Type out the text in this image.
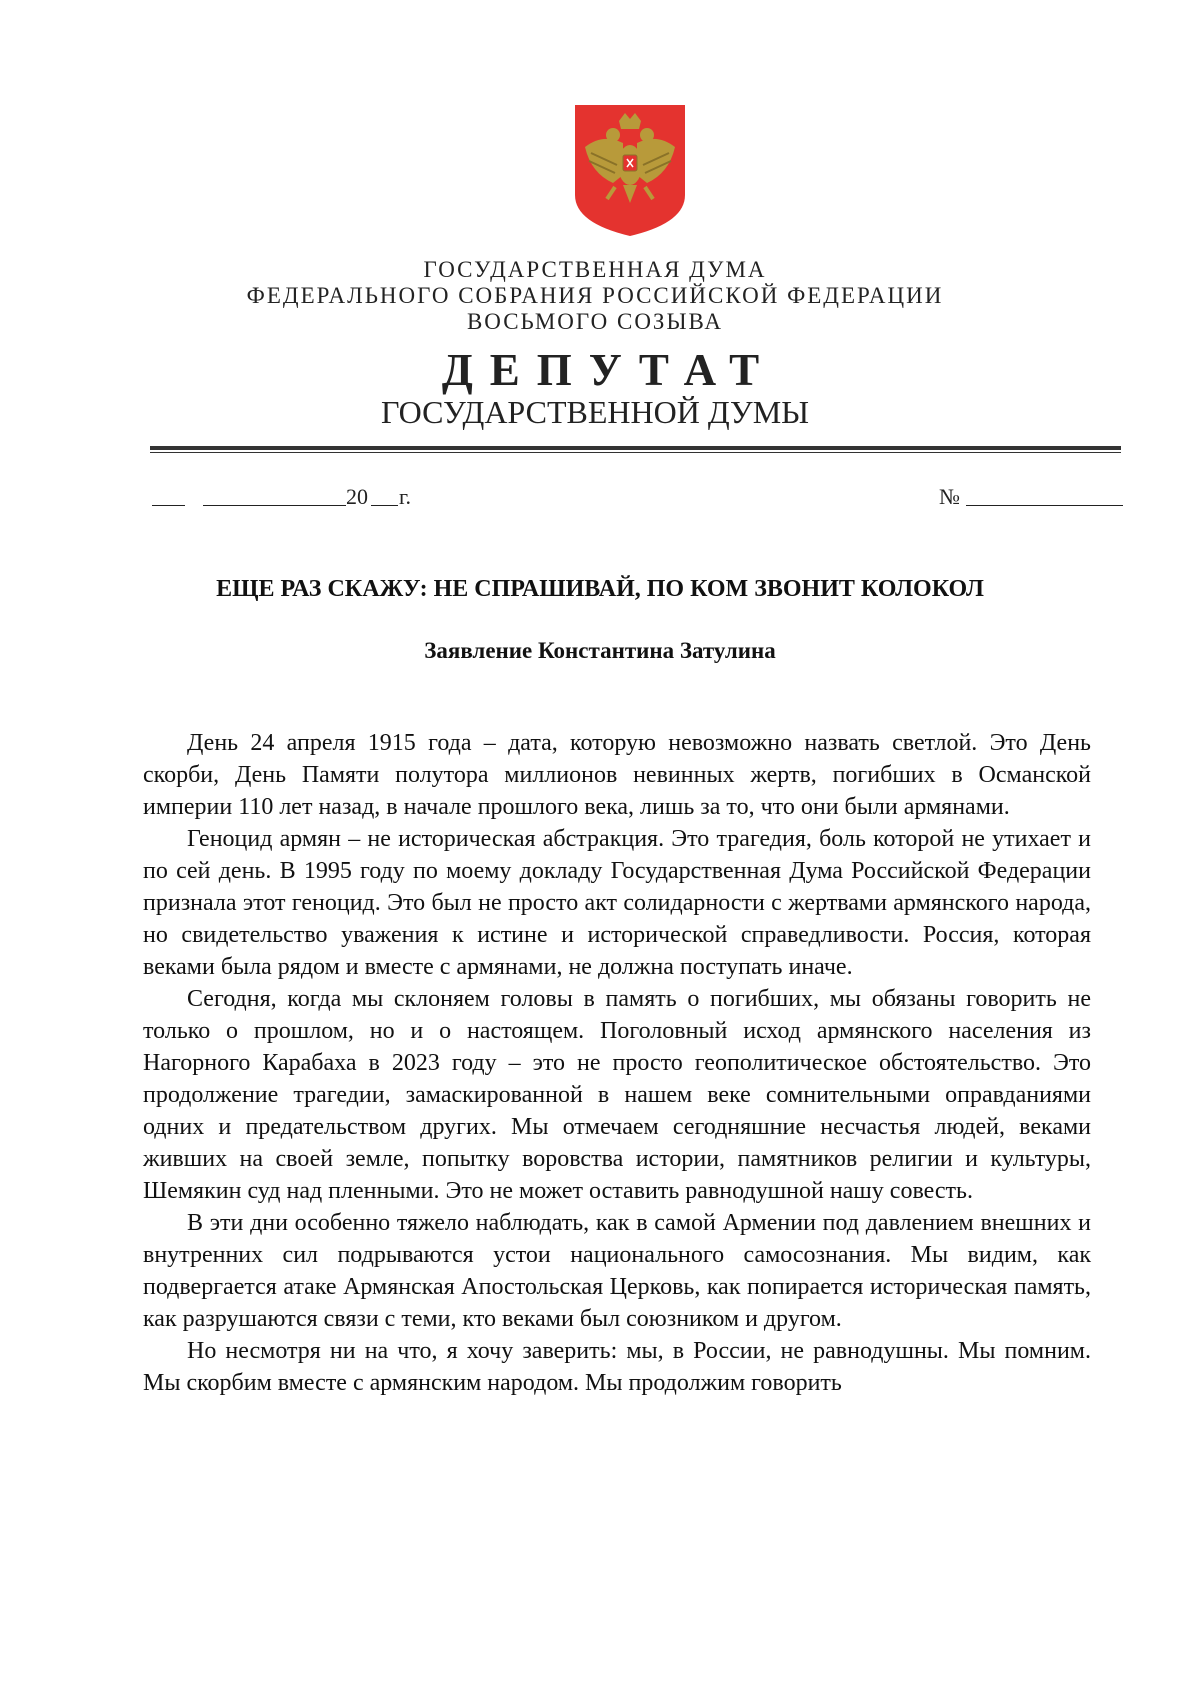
ГОСУДАРСТВЕННАЯ ДУМА
ФЕДЕРАЛЬНОГО СОБРАНИЯ РОССИЙСКОЙ ФЕДЕРАЦИИ
ВОСЬМОГО СОЗЫВА
ДЕПУТАТ
ГОСУДАРСТВЕННОЙ ДУМЫ
20 г.	№
ЕЩЕ РАЗ СКАЖУ: НЕ СПРАШИВАЙ, ПО КОМ ЗВОНИТ КОЛОКОЛ
Заявление Константина Затулина

День 24 апреля 1915 года – дата, которую невозможно назвать светлой. Это День скорби, День Памяти полутора миллионов невинных жертв, погибших в Османской империи 110 лет назад, в начале прошлого века, лишь за то, что они были армянами.

Геноцид армян – не историческая абстракция. Это трагедия, боль которой не утихает и по сей день. В 1995 году по моему докладу Государственная Дума Российской Федерации признала этот геноцид. Это был не просто акт солидарности с жертвами армянского народа, но свидетельство уважения к истине и исторической справедливости. Россия, которая веками была рядом и вместе с армянами, не должна поступать иначе.

Сегодня, когда мы склоняем головы в память о погибших, мы обязаны говорить не только о прошлом, но и о настоящем. Поголовный исход армянского населения из Нагорного Карабаха в 2023 году – это не просто геополитическое обстоятельство. Это продолжение трагедии, замаскированной в нашем веке сомнительными оправданиями одних и предательством других. Мы отмечаем сегодняшние несчастья людей, веками живших на своей земле, попытку воровства истории, памятников религии и культуры, Шемякин суд над пленными. Это не может оставить равнодушной нашу совесть.

В эти дни особенно тяжело наблюдать, как в самой Армении под давлением внешних и внутренних сил подрываются устои национального самосознания. Мы видим, как подвергается атаке Армянская Апостольская Церковь, как попирается историческая память, как разрушаются связи с теми, кто веками был союзником и другом.

Но несмотря ни на что, я хочу заверить: мы, в России, не равнодушны. Мы помним. Мы скорбим вместе с армянским народом. Мы продолжим говорить
